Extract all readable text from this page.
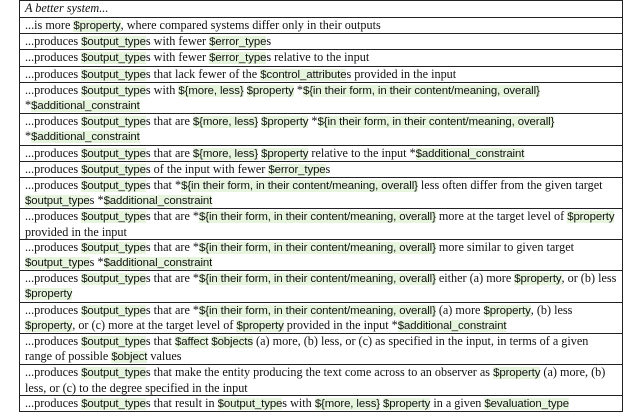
A better system...
...is more $property, where compared systems differ only in their outputs
...produces $output_types with fewer $error_types
...produces $output_types with fewer $error_types relative to the input
...produces $output_types that lack fewer of the $control_attributes provided in the input
...produces $output_types with ${more, less} $property *${in their form, in their content/meaning, overall} *$additional_constraint
...produces $output_types that are ${more, less} $property *${in their form, in their content/meaning, overall} *$additional_constraint
...produces $output_types that are ${more, less} $property relative to the input *$additional_constraint
...produces $output_types of the input with fewer $error_types
...produces $output_types that *${in their form, in their content/meaning, overall} less often differ from the given target $output_types *$additional_constraint
...produces $output_types that are *${in their form, in their content/meaning, overall} more at the target level of $property provided in the input
...produces $output_types that are *${in their form, in their content/meaning, overall} more similar to given target $output_types *$additional_constraint
...produces $output_types that are *${in their form, in their content/meaning, overall} either (a) more $property, or (b) less $property
...produces $output_types that are *${in their form, in their content/meaning, overall} (a) more $property, (b) less $property, or (c) more at the target level of $property provided in the input *$additional_constraint
...produces $output_types that $affect $objects (a) more, (b) less, or (c) as specified in the input, in terms of a given range of possible $object values
...produces $output_types that make the entity producing the text come across to an observer as $property (a) more, (b) less, or (c) to the degree specified in the input
...produces $output_types that result in $output_types with ${more, less} $property in a given $evaluation_type
